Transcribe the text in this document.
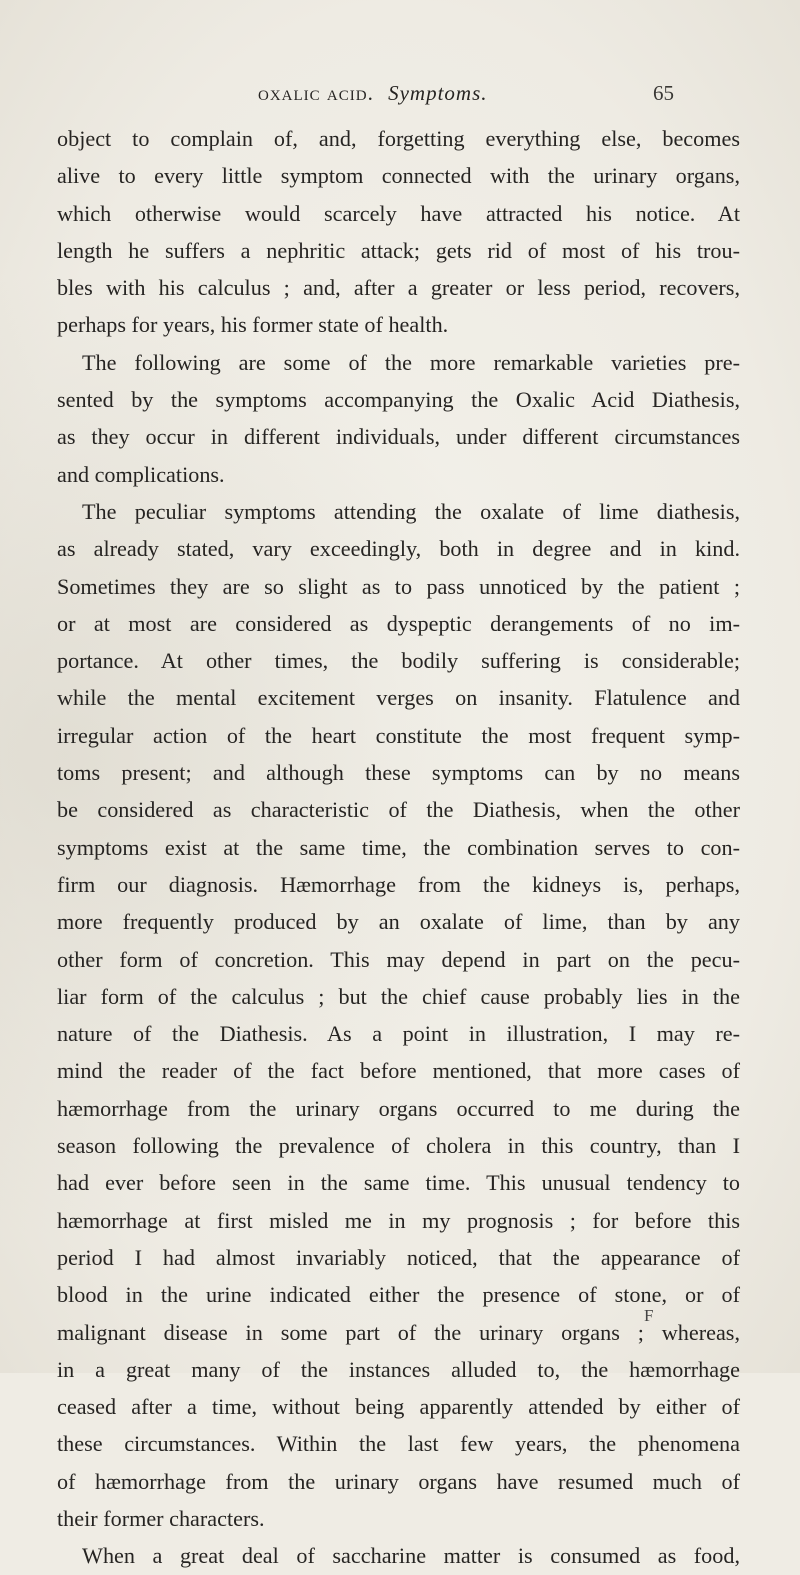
oxalic acid. Symptoms.	65
object to complain of, and, forgetting everything else, becomes
alive to every little symptom connected with the urinary organs,
which otherwise would scarcely have attracted his notice. At
length he suffers a nephritic attack; gets rid of most of his trou-
bles with his calculus ; and, after a greater or less period, recovers,
perhaps for years, his former state of health.
The following are some of the more remarkable varieties pre-
sented by the symptoms accompanying the Oxalic Acid Diathesis,
as they occur in different individuals, under different circumstances
and complications.
The peculiar symptoms attending the oxalate of lime diathesis,
as already stated, vary exceedingly, both in degree and in kind.
Sometimes they are so slight as to pass unnoticed by the patient ;
or at most are considered as dyspeptic derangements of no im-
portance. At other times, the bodily suffering is considerable;
while the mental excitement verges on insanity. Flatulence and
irregular action of the heart constitute the most frequent symp-
toms present; and although these symptoms can by no means
be considered as characteristic of the Diathesis, when the other
symptoms exist at the same time, the combination serves to con-
firm our diagnosis. Hæmorrhage from the kidneys is, perhaps,
more frequently produced by an oxalate of lime, than by any
other form of concretion. This may depend in part on the pecu-
liar form of the calculus ; but the chief cause probably lies in the
nature of the Diathesis. As a point in illustration, I may re-
mind the reader of the fact before mentioned, that more cases of
hæmorrhage from the urinary organs occurred to me during the
season following the prevalence of cholera in this country, than I
had ever before seen in the same time. This unusual tendency to
hæmorrhage at first misled me in my prognosis ; for before this
period I had almost invariably noticed, that the appearance of
blood in the urine indicated either the presence of stone, or of
malignant disease in some part of the urinary organs ; whereas,
in a great many of the instances alluded to, the hæmorrhage
ceased after a time, without being apparently attended by either of
these circumstances. Within the last few years, the phenomena
of hæmorrhage from the urinary organs have resumed much of
their former characters.
When a great deal of saccharine matter is consumed as food,
F
